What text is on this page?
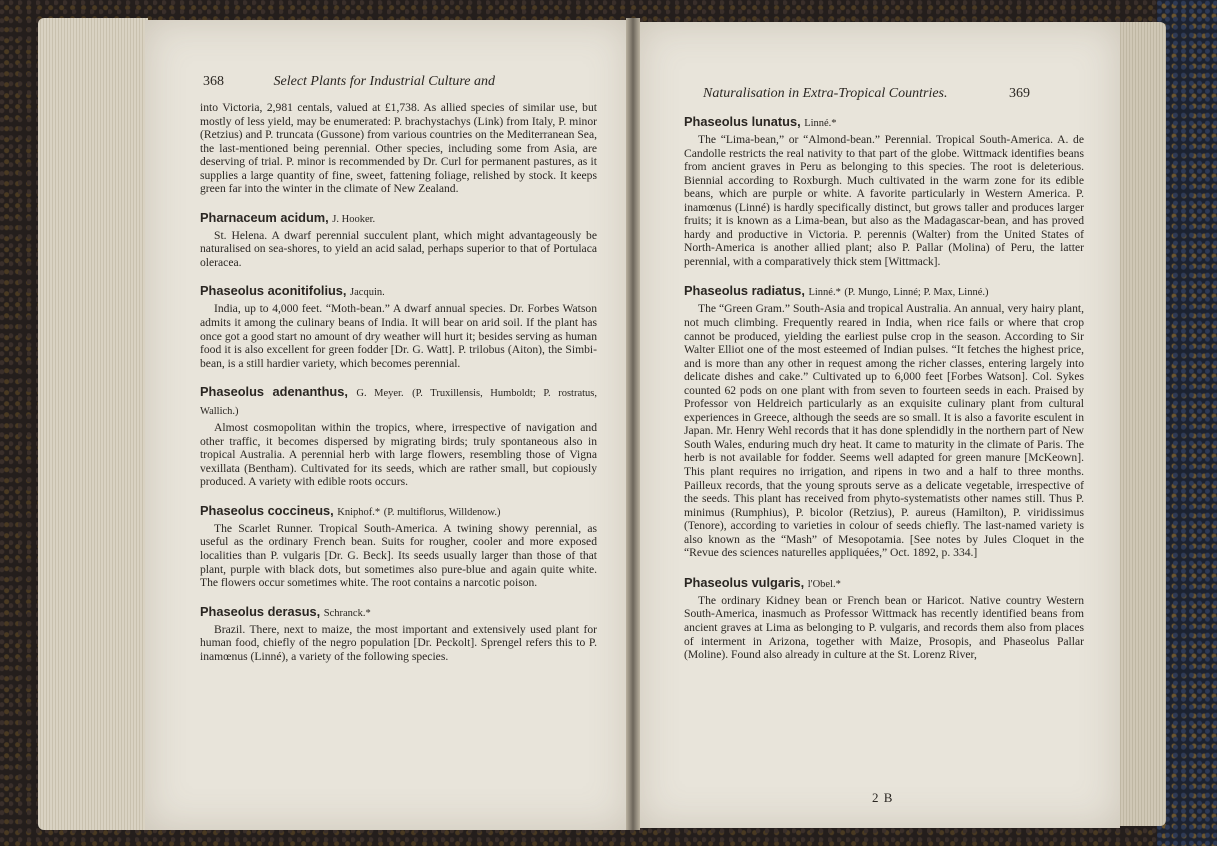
368	Select Plants for Industrial Culture and

into Victoria, 2,981 centals, valued at £1,738. As allied species of similar use, but mostly of less yield, may be enumerated: P. brachystachys (Link) from Italy, P. minor (Retzius) and P. truncata (Gussone) from various countries on the Mediterranean Sea, the last-mentioned being perennial. Other species, including some from Asia, are deserving of trial. P. minor is recommended by Dr. Curl for permanent pastures, as it supplies a large quantity of fine, sweet, fattening foliage, relished by stock. It keeps green far into the winter in the climate of New Zealand.

Pharnaceum acidum, J. Hooker.

St. Helena. A dwarf perennial succulent plant, which might advantageously be naturalised on sea-shores, to yield an acid salad, perhaps superior to that of Portulaca oleracea.

Phaseolus aconitifolius, Jacquin.

India, up to 4,000 feet. “Moth-bean.” A dwarf annual species. Dr. Forbes Watson admits it among the culinary beans of India. It will bear on arid soil. If the plant has once got a good start no amount of dry weather will hurt it; besides serving as human food it is also excellent for green fodder [Dr. G. Watt]. P. trilobus (Aiton), the Simbi-bean, is a still hardier variety, which becomes perennial.

Phaseolus adenanthus, G. Meyer. (P. Truxillensis, Humboldt; P. rostratus, Wallich.)

Almost cosmopolitan within the tropics, where, irrespective of navigation and other traffic, it becomes dispersed by migrating birds; truly spontaneous also in tropical Australia. A perennial herb with large flowers, resembling those of Vigna vexillata (Bentham). Cultivated for its seeds, which are rather small, but copiously produced. A variety with edible roots occurs.

Phaseolus coccineus, Kniphof.* (P. multiflorus, Willdenow.)

The Scarlet Runner. Tropical South-America. A twining showy perennial, as useful as the ordinary French bean. Suits for rougher, cooler and more exposed localities than P. vulgaris [Dr. G. Beck]. Its seeds usually larger than those of that plant, purple with black dots, but sometimes also pure-blue and again quite white. The flowers occur sometimes white. The root contains a narcotic poison.

Phaseolus derasus, Schranck.*

Brazil. There, next to maize, the most important and extensively used plant for human food, chiefly of the negro population [Dr. Peckolt]. Sprengel refers this to P. inamœnus (Linné), a variety of the following species.

Naturalisation in Extra-Tropical Countries.	369
Phaseolus lunatus, Linné.*

The “Lima-bean,” or “Almond-bean.” Perennial. Tropical South-America. A. de Candolle restricts the real nativity to that part of the globe. Wittmack identifies beans from ancient graves in Peru as belonging to this species. The root is deleterious. Biennial according to Roxburgh. Much cultivated in the warm zone for its edible beans, which are purple or white. A favorite particularly in Western America. P. inamœnus (Linné) is hardly specifically distinct, but grows taller and produces larger fruits; it is known as a Lima-bean, but also as the Madagascar-bean, and has proved hardy and productive in Victoria. P. perennis (Walter) from the United States of North-America is another allied plant; also P. Pallar (Molina) of Peru, the latter perennial, with a comparatively thick stem [Wittmack].

Phaseolus radiatus, Linné.* (P. Mungo, Linné; P. Max, Linné.)

The “Green Gram.” South-Asia and tropical Australia. An annual, very hairy plant, not much climbing. Frequently reared in India, when rice fails or where that crop cannot be produced, yielding the earliest pulse crop in the season. According to Sir Walter Elliot one of the most esteemed of Indian pulses. “It fetches the highest price, and is more than any other in request among the richer classes, entering largely into delicate dishes and cake.” Cultivated up to 6,000 feet [Forbes Watson]. Col. Sykes counted 62 pods on one plant with from seven to fourteen seeds in each. Praised by Professor von Heldreich particularly as an exquisite culinary plant from cultural experiences in Greece, although the seeds are so small. It is also a favorite esculent in Japan. Mr. Henry Wehl records that it has done splendidly in the northern part of New South Wales, enduring much dry heat. It came to maturity in the climate of Paris. The herb is not available for fodder. Seems well adapted for green manure [McKeown]. This plant requires no irrigation, and ripens in two and a half to three months. Pailleux records, that the young sprouts serve as a delicate vegetable, irrespective of the seeds. This plant has received from phyto-systematists other names still. Thus P. minimus (Rumphius), P. bicolor (Retzius), P. aureus (Hamilton), P. viridissimus (Tenore), according to varieties in colour of seeds chiefly. The last-named variety is also known as the “Mash” of Mesopotamia. [See notes by Jules Cloquet in the “Revue des sciences naturelles appliquées,” Oct. 1892, p. 334.]

Phaseolus vulgaris, l'Obel.*

The ordinary Kidney bean or French bean or Haricot. Native country Western South-America, inasmuch as Professor Wittmack has recently identified beans from ancient graves at Lima as belonging to P. vulgaris, and records them also from places of interment in Arizona, together with Maize, Prosopis, and Phaseolus Pallar (Moline). Found also already in culture at the St. Lorenz River,

2 B
